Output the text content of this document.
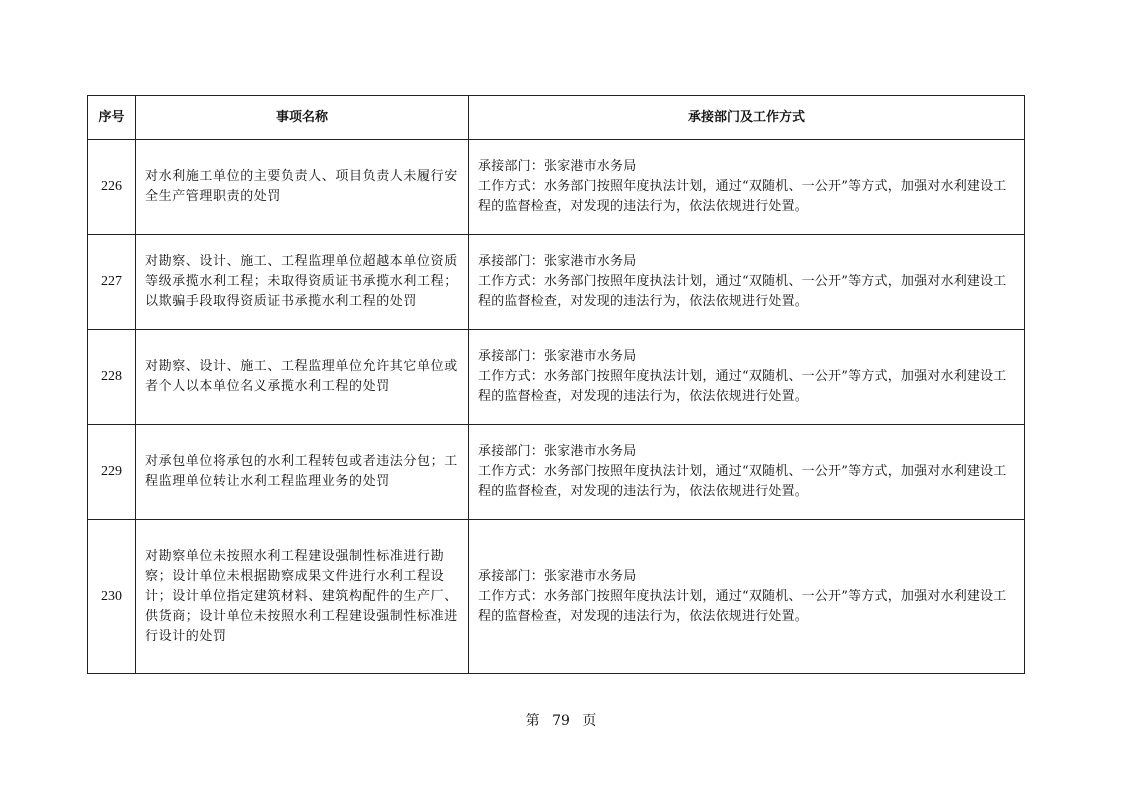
序号	事项名称	承接部门及工作方式
226	对水利施工单位的主要负责人、项目负责人未履行安全生产管理职责的处罚	承接部门：张家港市水务局
工作方式：水务部门按照年度执法计划，通过“双随机、一公开”等方式，加强对水利建设工程的监督检查，对发现的违法行为，依法依规进行处置。

227	对勘察、设计、施工、工程监理单位超越本单位资质等级承揽水利工程；未取得资质证书承揽水利工程；以欺骗手段取得资质证书承揽水利工程的处罚	承接部门：张家港市水务局
工作方式：水务部门按照年度执法计划，通过“双随机、一公开”等方式，加强对水利建设工程的监督检查，对发现的违法行为，依法依规进行处置。

228	对勘察、设计、施工、工程监理单位允许其它单位或者个人以本单位名义承揽水利工程的处罚	承接部门：张家港市水务局
工作方式：水务部门按照年度执法计划，通过“双随机、一公开”等方式，加强对水利建设工程的监督检查，对发现的违法行为，依法依规进行处置。

229	对承包单位将承包的水利工程转包或者违法分包；工程监理单位转让水利工程监理业务的处罚	承接部门：张家港市水务局
工作方式：水务部门按照年度执法计划，通过“双随机、一公开”等方式，加强对水利建设工程的监督检查，对发现的违法行为，依法依规进行处置。

230	对勘察单位未按照水利工程建设强制性标准进行勘察；设计单位未根据勘察成果文件进行水利工程设计；设计单位指定建筑材料、建筑构配件的生产厂、供货商；设计单位未按照水利工程建设强制性标准进行设计的处罚	承接部门：张家港市水务局
工作方式：水务部门按照年度执法计划，通过“双随机、一公开”等方式，加强对水利建设工程的监督检查，对发现的违法行为，依法依规进行处置。
第 79 页
